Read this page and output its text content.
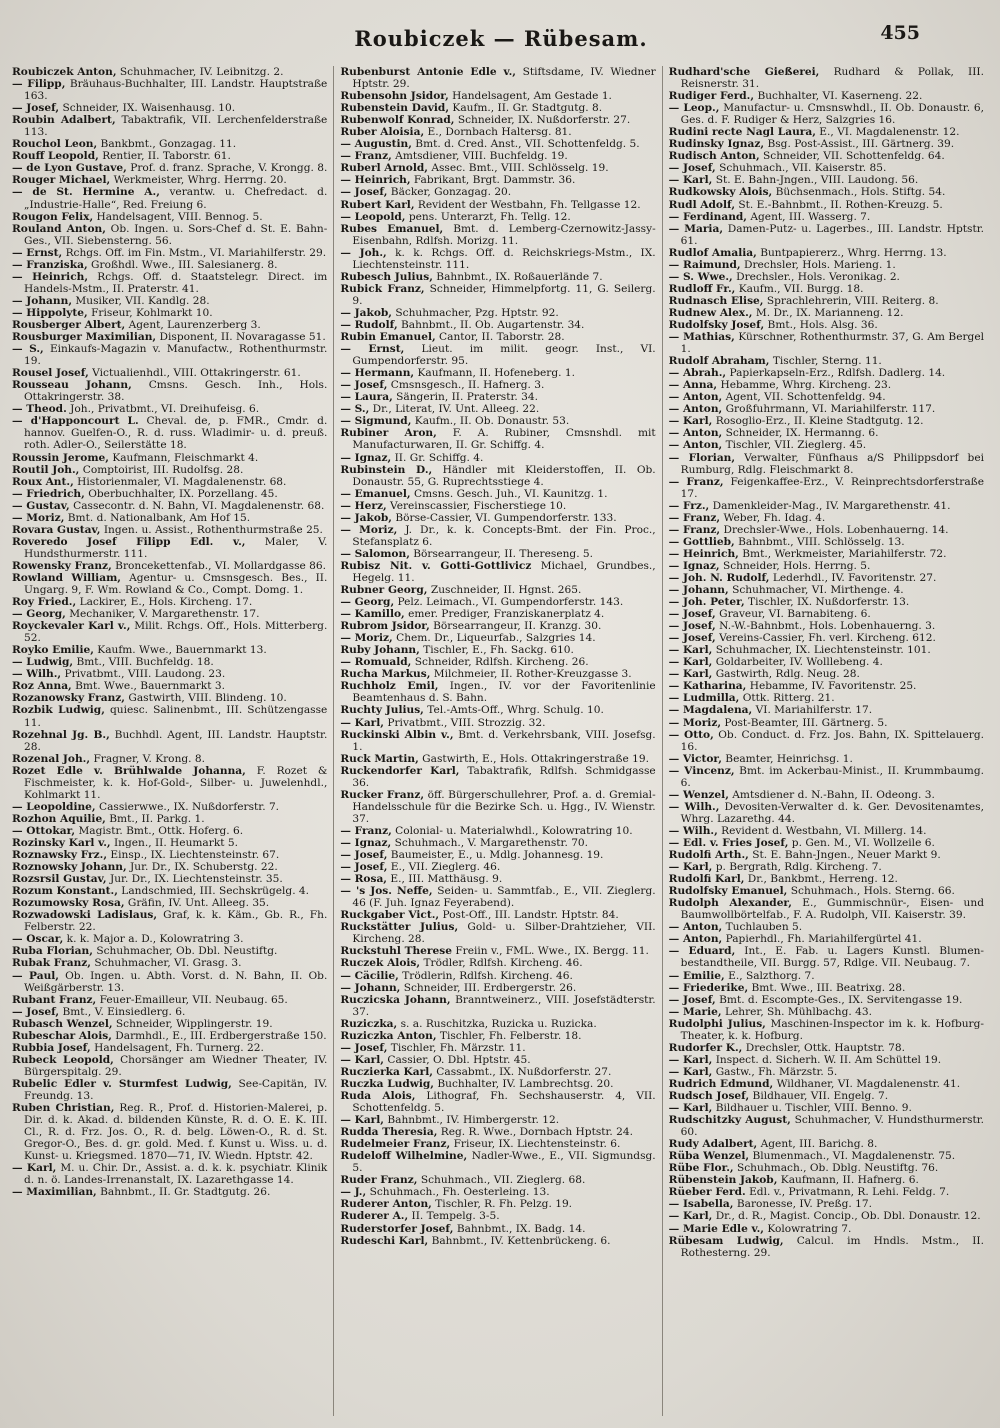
Roubiczek — Rübesam.	455

Roubiczek Anton, Schuhmacher, IV. Leibnitzg. 2.

— Filipp, Bräuhaus-Buchhalter, III. Landstr. Hauptstraße 163.

— Josef, Schneider, IX. Waisenhausg. 10.

Roubin Adalbert, Tabaktrafik, VII. Lerchenfelderstraße 113.

Rouchol Leon, Bankbmt., Gonzagag. 11.

Rouff Leopold, Rentier, II. Taborstr. 61.

— de Lyon Gustave, Prof. d. franz. Sprache, V. Krongg. 8.

Rouger Michael, Werkmeister, Whrg. Herrng. 20.

— de St. Hermine A., verantw. u. Chefredact. d. „Industrie-Halle“, Red. Freiung 6.

Rougon Felix, Handelsagent, VIII. Bennog. 5.

Rouland Anton, Ob. Ingen. u. Sors-Chef d. St. E. Bahn-Ges., VII. Siebensterng. 56.

— Ernst, Rchgs. Off. im Fin. Mstm., VI. Mariahilferstr. 29.

— Franziska, Großhdl. Wwe., III. Salesianerg. 8.

— Heinrich, Rchgs. Off. d. Staatstelegr. Direct. im Handels-Mstm., II. Praterstr. 41.

— Johann, Musiker, VII. Kandlg. 28.

— Hippolyte, Friseur, Kohlmarkt 10.

Rousberger Albert, Agent, Laurenzerberg 3.

Rousburger Maximilian, Disponent, II. Novaragasse 51.

— S., Einkaufs-Magazin v. Manufactw., Rothenthurmstr. 19.

Rousel Josef, Victualienhdl., VIII. Ottakringerstr. 61.

Rousseau Johann, Cmsns. Gesch. Inh., Hols. Ottakringerstr. 38.

— Theod. Joh., Privatbmt., VI. Dreihufeisg. 6.

— d'Happoncourt L. Cheval. de, p. FMR., Cmdr. d. hannov. Guelfen-O., R. d. russ. Wladimir- u. d. preuß. roth. Adler-O., Seilerstätte 18.

Roussin Jerome, Kaufmann, Fleischmarkt 4.

Routil Joh., Comptoirist, III. Rudolfsg. 28.

Roux Ant., Historienmaler, VI. Magdalenenstr. 68.

— Friedrich, Oberbuchhalter, IX. Porzellang. 45.

— Gustav, Cassecontr. d. N. Bahn, VI. Magdalenenstr. 68.

— Moriz, Bmt. d. Nationalbank, Am Hof 15.

Rovara Gustav, Ingen. u. Assist., Rothenthurmstraße 25.

Roveredo Josef Filipp Edl. v., Maler, V. Hundsthurmerstr. 111.

Rowensky Franz, Broncekettenfab., VI. Mollardgasse 86.

Rowland William, Agentur- u. Cmsnsgesch. Bes., II. Ungarg. 9, F. Wm. Rowland & Co., Compt. Domg. 1.

Roy Fried., Lackirer, E., Hols. Kircheng. 17.

— Georg, Mechaniker, V. Margarethenstr. 17.

Royckevaler Karl v., Milit. Rchgs. Off., Hols. Mitterberg. 52.

Royko Emilie, Kaufm. Wwe., Bauernmarkt 13.

— Ludwig, Bmt., VIII. Buchfeldg. 18.

— Wilh., Privatbmt., VIII. Laudong. 23.

Roz Anna, Bmt. Wwe., Bauernmarkt 3.

Rozanowsky Franz, Gastwirth, VIII. Blindeng. 10.

Rozbik Ludwig, quiesc. Salinenbmt., III. Schützengasse 11.

Rozehnal Jg. B., Buchhdl. Agent, III. Landstr. Hauptstr. 28.

Rozenal Joh., Fragner, V. Krong. 8.

Rozet Edle v. Brühlwalde Johanna, F. Rozet & Fischmeister, k. k. Hof-Gold-, Silber- u. Juwelenhdl., Kohlmarkt 11.

— Leopoldine, Cassierwwe., IX. Nußdorferstr. 7.

Rozhon Aquilie, Bmt., II. Parkg. 1.

— Ottokar, Magistr. Bmt., Ottk. Hoferg. 6.

Rozinsky Karl v., Ingen., II. Heumarkt 5.

Roznawsky Frz., Einsp., IX. Liechtensteinstr. 67.

Roznowsky Johann, Jur. Dr., IX. Schuberstg. 22.

Rozsrsil Gustav, Jur. Dr., IX. Liechtensteinstr. 35.

Rozum Konstant., Landschmied, III. Sechskrügelg. 4.

Rozumowsky Rosa, Gräfin, IV. Unt. Alleeg. 35.

Rozwadowski Ladislaus, Graf, k. k. Käm., Gb. R., Fh. Felberstr. 22.

— Oscar, k. k. Major a. D., Kolowratring 3.

Ruba Florian, Schuhmacher, Ob. Dbl. Neustiftg.

Rubak Franz, Schuhmacher, VI. Grasg. 3.

— Paul, Ob. Ingen. u. Abth. Vorst. d. N. Bahn, II. Ob. Weißgärberstr. 13.

Rubant Franz, Feuer-Emailleur, VII. Neubaug. 65.

— Josef, Bmt., V. Einsiedlerg. 6.

Rubasch Wenzel, Schneider, Wipplingerstr. 19.

Rubeschar Alois, Darmhdl., E., III. Erdbergerstraße 150.

Rubbia Josef, Handelsagent, Fh. Turnerg. 22.

Rubeck Leopold, Chorsänger am Wiedner Theater, IV. Bürgerspitalg. 29.

Rubelic Edler v. Sturmfest Ludwig, See-Capitän, IV. Freundg. 13.

Ruben Christian, Reg. R., Prof. d. Historien-Malerei, p. Dir. d. k. Akad. d. bildenden Künste, R. d. O. E. K. III. Cl., R. d. Frz. Jos. O., R. d. belg. Löwen-O., R. d. St. Gregor-O., Bes. d. gr. gold. Med. f. Kunst u. Wiss. u. d. Kunst- u. Kriegsmed. 1870—71, IV. Wiedn. Hptstr. 42.

— Karl, M. u. Chir. Dr., Assist. a. d. k. k. psychiatr. Klinik d. n. ö. Landes-Irrenanstalt, IX. Lazarethgasse 14.

— Maximilian, Bahnbmt., II. Gr. Stadtgutg. 26.

Rubenburst Antonie Edle v., Stiftsdame, IV. Wiedner Hptstr. 29.

Rubensohn Jsidor, Handelsagent, Am Gestade 1.

Rubenstein David, Kaufm., II. Gr. Stadtgutg. 8.

Rubenwolf Konrad, Schneider, IX. Nußdorferstr. 27.

Ruber Aloisia, E., Dornbach Haltersg. 81.

— Augustin, Bmt. d. Cred. Anst., VII. Schottenfeldg. 5.

— Franz, Amtsdiener, VIII. Buchfeldg. 19.

Ruberl Arnold, Assec. Bmt., VIII. Schlösselg. 19.

— Heinrich, Fabrikant, Brgt. Dammstr. 36.

— Josef, Bäcker, Gonzagag. 20.

Rubert Karl, Revident der Westbahn, Fh. Tellgasse 12.

— Leopold, pens. Unterarzt, Fh. Tellg. 12.

Rubes Emanuel, Bmt. d. Lemberg-Czernowitz-Jassy-Eisenbahn, Rdlfsh. Morizg. 11.

— Joh., k. k. Rchgs. Off. d. Reichskriegs-Mstm., IX. Liechtensteinstr. 111.

Rubesch Julius, Bahnbmt., IX. Roßauerlände 7.

Rubick Franz, Schneider, Himmelpfortg. 11, G. Seilerg. 9.

— Jakob, Schuhmacher, Pzg. Hptstr. 92.

— Rudolf, Bahnbmt., II. Ob. Augartenstr. 34.

Rubin Emanuel, Cantor, II. Taborstr. 28.

— Ernst, Lieut. im milit. geogr. Inst., VI. Gumpendorferstr. 95.

— Hermann, Kaufmann, II. Hofeneberg. 1.

— Josef, Cmsnsgesch., II. Hafnerg. 3.

— Laura, Sängerin, II. Praterstr. 34.

— S., Dr., Literat, IV. Unt. Alleeg. 22.

— Sigmund, Kaufm., II. Ob. Donaustr. 53.

Rubiner Aron, F. A. Rubiner, Cmsnshdl. mit Manufacturwaren, II. Gr. Schiffg. 4.

— Ignaz, II. Gr. Schiffg. 4.

Rubinstein D., Händler mit Kleiderstoffen, II. Ob. Donaustr. 55, G. Ruprechtsstiege 4.

— Emanuel, Cmsns. Gesch. Juh., VI. Kaunitzg. 1.

— Herz, Vereinscassier, Fischerstiege 10.

— Jakob, Börse-Cassier, VI. Gumpendorferstr. 133.

— Moriz, J. Dr., k. k. Concepts-Bmt. der Fin. Proc., Stefansplatz 6.

— Salomon, Börsearrangeur, II. Thereseng. 5.

Rubisz Nit. v. Gotti-Gottlivicz Michael, Grundbes., Hegelg. 11.

Rubner Georg, Zuschneider, II. Hgnst. 265.

— Georg, Pelz. Leimach., VI. Gumpendorferstr. 143.

— Kamillo, emer. Prediger, Franziskanerplatz 4.

Rubrom Jsidor, Börsearrangeur, II. Kranzg. 30.

— Moriz, Chem. Dr., Liqueurfab., Salzgries 14.

Ruby Johann, Tischler, E., Fh. Sackg. 610.

— Romuald, Schneider, Rdlfsh. Kircheng. 26.

Rucha Markus, Milchmeier, II. Rother-Kreuzgasse 3.

Ruchholz Emil, Ingen., IV. vor der Favoritenlinie Beamtenhaus d. S. Bahn.

Ruchty Julius, Tel.-Amts-Off., Whrg. Schulg. 10.

— Karl, Privatbmt., VIII. Strozzig. 32.

Ruckinski Albin v., Bmt. d. Verkehrsbank, VIII. Josefsg. 1.

Ruck Martin, Gastwirth, E., Hols. Ottakringerstraße 19.

Ruckendorfer Karl, Tabaktrafik, Rdlfsh. Schmidgasse 36.

Rucker Franz, öff. Bürgerschullehrer, Prof. a. d. Gremial-Handelsschule für die Bezirke Sch. u. Hgg., IV. Wienstr. 37.

— Franz, Colonial- u. Materialwhdl., Kolowratring 10.

— Ignaz, Schuhmach., V. Margarethenstr. 70.

— Josef, Baumeister, E., u. Mdlg. Johannesg. 19.

— Josef, E., VII. Zieglerg. 46.

— Rosa, E., III. Matthäusg. 9.

— 's Jos. Neffe, Seiden- u. Sammtfab., E., VII. Zieglerg. 46 (F. Juh. Ignaz Feyerabend).

Ruckgaber Vict., Post-Off., III. Landstr. Hptstr. 84.

Ruckstätter Julius, Gold- u. Silber-Drahtzieher, VII. Kircheng. 28.

Ruckstuhl Therese Freiin v., FML. Wwe., IX. Bergg. 11.

Ruczek Alois, Trödler, Rdlfsh. Kircheng. 46.

— Cäcilie, Trödlerin, Rdlfsh. Kircheng. 46.

— Johann, Schneider, III. Erdbergerstr. 26.

Ruczicska Johann, Branntweinerz., VIII. Josefstädterstr. 37.

Ruziczka, s. a. Ruschitzka, Ruzicka u. Ruzicka.

Ruziczka Anton, Tischler, Fh. Felberstr. 18.

— Josef, Tischler, Fh. Märzstr. 11.

— Karl, Cassier, O. Dbl. Hptstr. 45.

Ruczierka Karl, Cassabmt., IX. Nußdorferstr. 27.

Ruczka Ludwig, Buchhalter, IV. Lambrechtsg. 20.

Ruda Alois, Lithograf, Fh. Sechshauserstr. 4, VII. Schottenfeldg. 5.

— Karl, Bahnbmt., IV. Himbergerstr. 12.

Rudda Theresia, Reg. R. Wwe., Dornbach Hptstr. 24.

Rudelmeier Franz, Friseur, IX. Liechtensteinstr. 6.

Rudeloff Wilhelmine, Nadler-Wwe., E., VII. Sigmundsg. 5.

Ruder Franz, Schuhmach., VII. Zieglerg. 68.

— J., Schuhmach., Fh. Oesterleing. 13.

Ruderer Anton, Tischler, R. Fh. Pelzg. 19.

Ruderer A., II. Tempelg. 3-5.

Ruderstorfer Josef, Bahnbmt., IX. Badg. 14.

Rudeschi Karl, Bahnbmt., IV. Kettenbrückeng. 6.

Rudhard'sche Gießerei, Rudhard & Pollak, III. Reisnerstr. 31.

Rudiger Ferd., Buchhalter, VI. Kaserneng. 22.

— Leop., Manufactur- u. Cmsnswhdl., II. Ob. Donaustr. 6, Ges. d. F. Rudiger & Herz, Salzgries 16.

Rudini recte Nagl Laura, E., VI. Magdalenenstr. 12.

Rudinsky Ignaz, Bsg. Post-Assist., III. Gärtnerg. 39.

Rudisch Anton, Schneider, VII. Schottenfeldg. 64.

— Josef, Schuhmach., VII. Kaiserstr. 85.

— Karl, St. E. Bahn-Jngen., VIII. Laudong. 56.

Rudkowsky Alois, Büchsenmach., Hols. Stiftg. 54.

Rudl Adolf, St. E.-Bahnbmt., II. Rothen-Kreuzg. 5.

— Ferdinand, Agent, III. Wasserg. 7.

— Maria, Damen-Putz- u. Lagerbes., III. Landstr. Hptstr. 61.

Rudlof Amalia, Buntpapiererz., Whrg. Herrng. 13.

— Raimund, Drechsler, Hols. Marieng. 1.

— S. Wwe., Drechsler., Hols. Veronikag. 2.

Rudloff Fr., Kaufm., VII. Burgg. 18.

Rudnasch Elise, Sprachlehrerin, VIII. Reiterg. 8.

Rudnew Alex., M. Dr., IX. Marianneng. 12.

Rudolfsky Josef, Bmt., Hols. Alsg. 36.

— Mathias, Kürschner, Rothenthurmstr. 37, G. Am Bergel 1.

Rudolf Abraham, Tischler, Sterng. 11.

— Abrah., Papierkapseln-Erz., Rdlfsh. Dadlerg. 14.

— Anna, Hebamme, Whrg. Kircheng. 23.

— Anton, Agent, VII. Schottenfeldg. 94.

— Anton, Großfuhrmann, VI. Mariahilferstr. 117.

— Karl, Rosoglio-Erz., II. Kleine Stadtgutg. 12.

— Anton, Schneider, IX. Hermanng. 6.

— Anton, Tischler, VII. Zieglerg. 45.

— Florian, Verwalter, Fünfhaus a/S Philippsdorf bei Rumburg, Rdlg. Fleischmarkt 8.

— Franz, Feigenkaffee-Erz., V. Reinprechtsdorferstraße 17.

— Frz., Damenkleider-Mag., IV. Margarethenstr. 41.

— Franz, Weber, Fh. Idag. 4.

— Franz, Drechsler-Wwe., Hols. Lobenhauerng. 14.

— Gottlieb, Bahnbmt., VIII. Schlösselg. 13.

— Heinrich, Bmt., Werkmeister, Mariahilferstr. 72.

— Ignaz, Schneider, Hols. Herrng. 5.

— Joh. N. Rudolf, Lederhdl., IV. Favoritenstr. 27.

— Johann, Schuhmacher, VI. Mirthenge. 4.

— Joh. Peter, Tischler, IX. Nußdorferstr. 13.

— Josef, Graveur, VI. Barnabiteng. 6.

— Josef, N.-W.-Bahnbmt., Hols. Lobenhauerng. 3.

— Josef, Vereins-Cassier, Fh. verl. Kircheng. 612.

— Karl, Schuhmacher, IX. Liechtensteinstr. 101.

— Karl, Goldarbeiter, IV. Wolllebeng. 4.

— Karl, Gastwirth, Rdlg. Neug. 28.

— Katharina, Hebamme, IV. Favoritenstr. 25.

— Ludmilla, Ottk. Ritterg. 21.

— Magdalena, VI. Mariahilferstr. 17.

— Moriz, Post-Beamter, III. Gärtnerg. 5.

— Otto, Ob. Conduct. d. Frz. Jos. Bahn, IX. Spittelauerg. 16.

— Victor, Beamter, Heinrichsg. 1.

— Vincenz, Bmt. im Ackerbau-Minist., II. Krummbaumg. 6.

— Wenzel, Amtsdiener d. N.-Bahn, II. Odeong. 3.

— Wilh., Devositen-Verwalter d. k. Ger. Devositenamtes, Whrg. Lazarethg. 44.

— Wilh., Revident d. Westbahn, VI. Millerg. 14.

— Edl. v. Fries Josef, p. Gen. M., VI. Wollzeile 6.

Rudolfi Arth., St. E. Bahn-Jngen., Neuer Markt 9.

— Karl, p. Bergrath, Rdlg. Kircheng. 7.

Rudolfi Karl, Dr., Bankbmt., Herreng. 12.

Rudolfsky Emanuel, Schuhmach., Hols. Sterng. 66.

Rudolph Alexander, E., Gummischnür-, Eisen- und Baumwollbörtelfab., F. A. Rudolph, VII. Kaiserstr. 39.

— Anton, Tuchlauben 5.

— Anton, Papierhdl., Fh. Mariahilfergürtel 41.

— Eduard, Int., E. Fab. u. Lagers Kunstl. Blumen-bestandtheile, VII. Burgg. 57, Rdlge. VII. Neubaug. 7.

— Emilie, E., Salzthorg. 7.

— Friederike, Bmt. Wwe., III. Beatrixg. 28.

— Josef, Bmt. d. Escompte-Ges., IX. Servitengasse 19.

— Marie, Lehrer, Sh. Mühlbachg. 43.

Rudolphi Julius, Maschinen-Inspector im k. k. Hofburg-Theater, k. k. Hofburg.

Rudorfer K., Drechsler, Ottk. Hauptstr. 78.

— Karl, Inspect. d. Sicherh. W. II. Am Schüttel 19.

— Karl, Gastw., Fh. Märzstr. 5.

Rudrich Edmund, Wildhaner, VI. Magdalenenstr. 41.

Rudsch Josef, Bildhauer, VII. Engelg. 7.

— Karl, Bildhauer u. Tischler, VIII. Benno. 9.

Rudschitzky August, Schuhmacher, V. Hundsthurmerstr. 60.

Rudy Adalbert, Agent, III. Barichg. 8.

Rüba Wenzel, Blumenmach., VI. Magdalenenstr. 75.

Rübe Flor., Schuhmach., Ob. Dblg. Neustiftg. 76.

Rübenstein Jakob, Kaufmann, II. Hafnerg. 6.

Rüeber Ferd. Edl. v., Privatmann, R. Lehi. Feldg. 7.

— Isabella, Baronesse, IV. Preßg. 17.

— Karl, Dr., d. R., Magist. Concip., Ob. Dbl. Donaustr. 12.

— Marie Edle v., Kolowratring 7.

Rübesam Ludwig, Calcul. im Hndls. Mstm., II. Rothesterng. 29.
